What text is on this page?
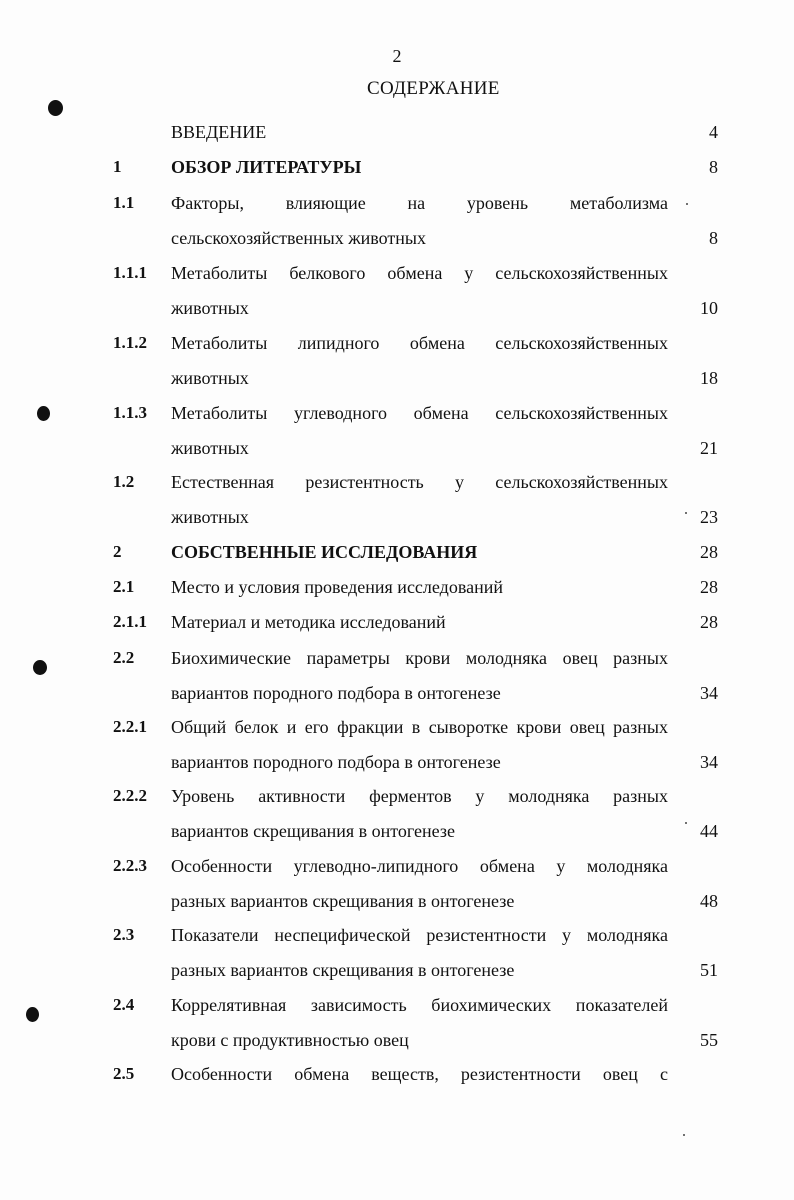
2
СОДЕРЖАНИЕ
ВВЕДЕНИЕ	4
1	ОБЗОР ЛИТЕРАТУРЫ	8
1.1 Факторы, влияющие на уровень метаболизма
сельскохозяйственных животных	8
1.1.1 Метаболиты белкового обмена у сельскохозяйственных
животных	10
1.1.2 Метаболиты липидного обмена сельскохозяйственных
животных	18
1.1.3 Метаболиты углеводного обмена сельскохозяйственных
животных	21
1.2 Естественная резистентность у сельскохозяйственных
животных	23
2	СОБСТВЕННЫЕ ИССЛЕДОВАНИЯ	28
2.1 Место и условия проведения исследований	28
2.1.1 Материал и методика исследований	28
2.2 Биохимические параметры крови молодняка овец разных
вариантов породного подбора в онтогенезе	34
2.2.1 Общий белок и его фракции в сыворотке крови овец разных
вариантов породного подбора в онтогенезе	34
2.2.2 Уровень активности ферментов у молодняка разных
вариантов скрещивания в онтогенезе	44
2.2.3 Особенности углеводно-липидного обмена у молодняка
разных вариантов скрещивания в онтогенезе	48
2.3 Показатели неспецифической резистентности у молодняка
разных вариантов скрещивания в онтогенезе	51
2.4 Коррелятивная зависимость биохимических показателей
крови с продуктивностью овец	55
2.5 Особенности обмена веществ, резистентности овец с
